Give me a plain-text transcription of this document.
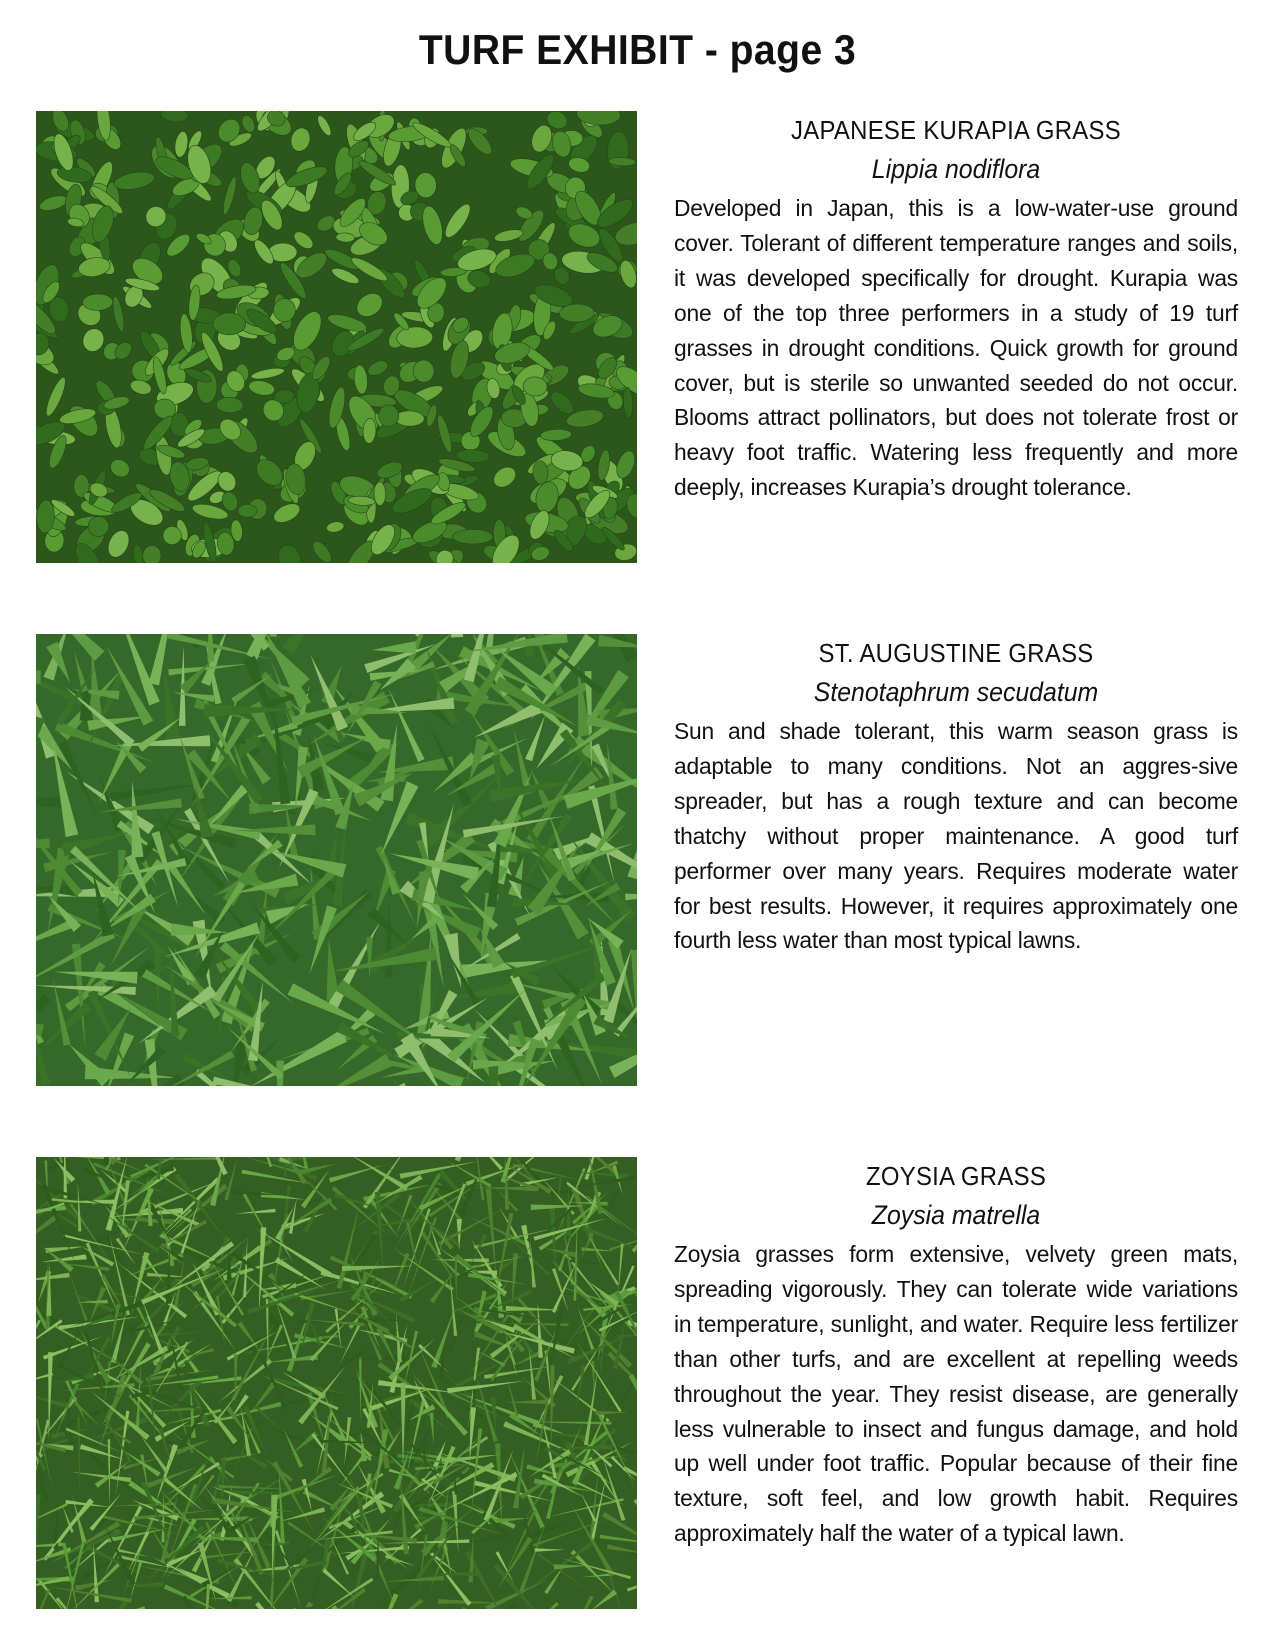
TURF EXHIBIT - page 3
JAPANESE KURAPIA GRASS

Lippia nodiflora

Developed in Japan, this is a low-water-use ground cover. Tolerant of different temperature ranges and soils, it was developed specifically for drought. Kurapia was one of the top three performers in a study of 19 turf grasses in drought conditions. Quick growth for ground cover, but is sterile so unwanted seeded do not occur. Blooms attract pollinators, but does not tolerate frost or heavy foot traffic. Watering less frequently and more deeply, increases Kurapia’s drought tolerance.

ST. AUGUSTINE GRASS

Stenotaphrum secudatum

Sun and shade tolerant, this warm season grass is adaptable to many conditions. Not an aggres-sive spreader, but has a rough texture and can become thatchy without proper maintenance. A good turf performer over many years. Requires moderate water for best results. However, it requires approximately one fourth less water than most typical lawns.

ZOYSIA GRASS

Zoysia matrella

Zoysia grasses form extensive, velvety green mats, spreading vigorously. They can tolerate wide variations in temperature, sunlight, and water. Require less fertilizer than other turfs, and are excellent at repelling weeds throughout the year. They resist disease, are generally less vulnerable to insect and fungus damage, and hold up well under foot traffic. Popular because of their fine texture, soft feel, and low growth habit. Requires approximately half the water of a typical lawn.
